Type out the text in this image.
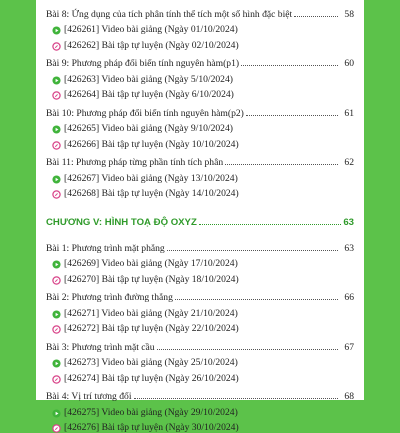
Bài 8: Ứng dụng của tích phân tính thể tích một số hình đặc biệt	58
[426261] Video bài giảng (Ngày 01/10/2024)
[426262] Bài tập tự luyện (Ngày 02/10/2024)
Bài 9: Phương pháp đổi biến tính nguyên hàm(p1)	60
[426263] Video bài giảng (Ngày 5/10/2024)
[426264] Bài tập tự luyện (Ngày 6/10/2024)
Bài 10: Phương pháp đổi biến tính nguyên hàm(p2)	61
[426265] Video bài giảng (Ngày 9/10/2024)
[426266] Bài tập tự luyện (Ngày 10/10/2024)
Bài 11: Phương pháp từng phần tính tích phân	62
[426267] Video bài giảng (Ngày 13/10/2024)
[426268] Bài tập tự luyện (Ngày 14/10/2024)
CHƯƠNG V: HÌNH TOẠ ĐỘ OXYZ	63
Bài 1: Phương trình mặt phẳng	63
[426269] Video bài giảng (Ngày 17/10/2024)
[426270] Bài tập tự luyện (Ngày 18/10/2024)
Bài 2: Phương trình đường thẳng	66
[426271] Video bài giảng (Ngày 21/10/2024)
[426272] Bài tập tự luyện (Ngày 22/10/2024)
Bài 3: Phương trình mặt cầu	67
[426273] Video bài giảng (Ngày 25/10/2024)
[426274] Bài tập tự luyện (Ngày 26/10/2024)
Bài 4: Vị trí tương đối	68
[426275] Video bài giảng (Ngày 29/10/2024)
[426276] Bài tập tự luyện (Ngày 30/10/2024)
